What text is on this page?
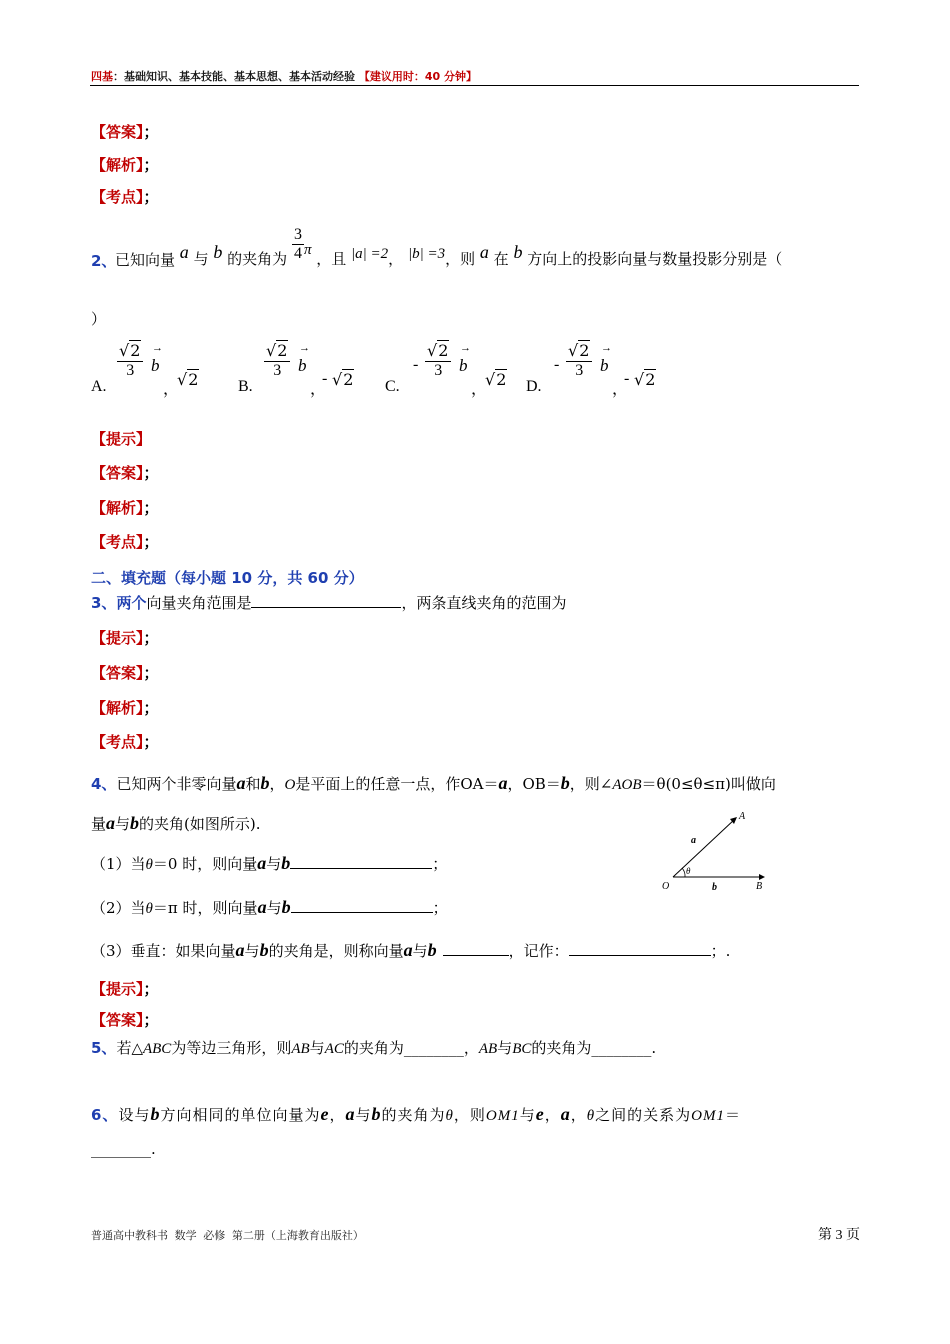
四基：基础知识、基本技能、基本思想、基本活动经验 【建议用时：40 分钟】
【答案】；
【解析】；
【考点】；
2、
已知向量 a 与 b 的夹角为 $\frac{3}{4}$ π ，且 |a| =2， |b| =3，则 a 在 b 方向上的投影向量与数量投影分别是（
）
A.
$\frac{√2}{3}$
→ b
，
√2 B.
$\frac{√2}{3}$
→ b
，
- √2 C.
- $\frac{√2}{3}$
→ b
，
√2 D.
- $\frac{√2}{3}$
→ b
，
- √2
【提示】
【答案】；
【解析】；
【考点】；
二、填充题（每小题 10 分，共 60 分）
3、两个向量夹角范围是	，两条直线夹角的范围为
【提示】；
【答案】；
【解析】；
【考点】；
4、已知两个非零向量a和b，O是平面上的任意一点，作OA＝a，OB＝b，则∠AOB＝θ(0≤θ≤π)叫做向
量a与b的夹角(如图所示).
（1）当θ＝0 时，则向量a与b	；
（2）当θ＝π 时，则向量a与b	；
（3）垂直：如果向量a与b的夹角是，则称向量a与b	，记作：	；.
A
B
O
a
b
θ
【提示】；
【答案】；
5、若△ABC为等边三角形，则AB与AC的夹角为________，AB与BC的夹角为________.
6、设与b方向相同的单位向量为e，a与b的夹角为θ，则OM1与e，a，θ之间的关系为OM1＝
________.
普通高中教科书 数学 必修 第二册（上海教育出版社）	第 3 页
